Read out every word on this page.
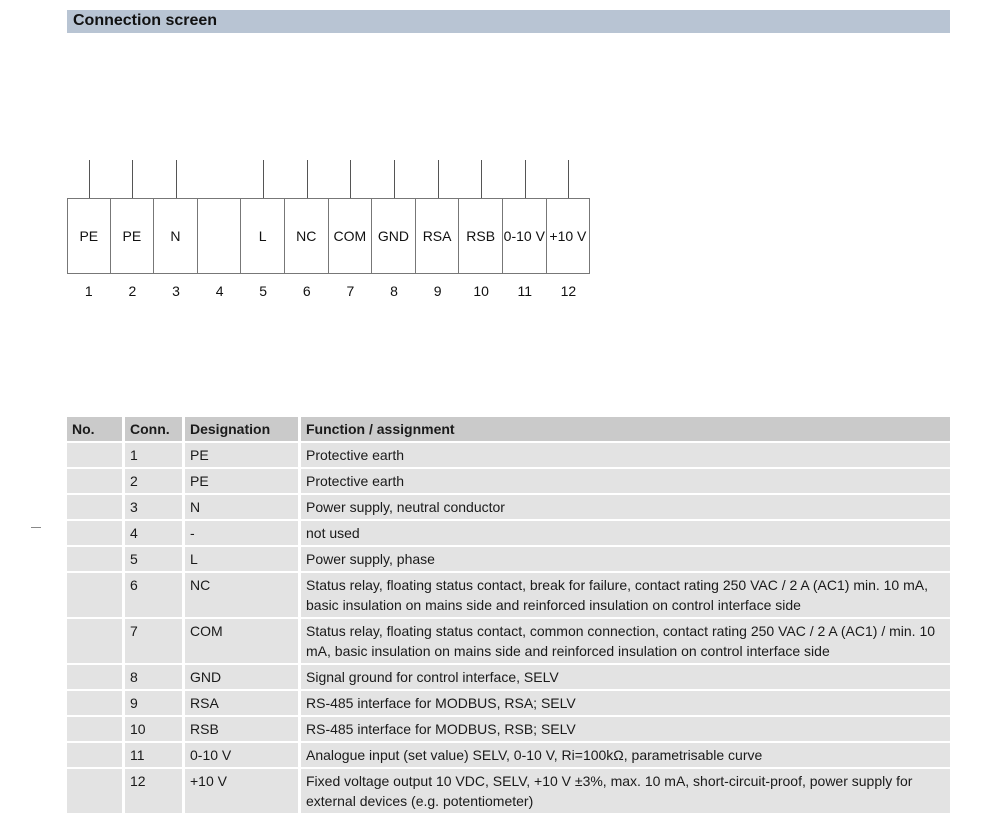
Connection screen
PE
1
PE
2
N
3	4
L
5
NC
6
COM
7
GND
8
RSA
9
RSB
10
0-10 V
11
+10 V
12
No.	Conn.	Designation	Function / assignment
	1	PE	Protective earth
	2	PE	Protective earth
	3	N	Power supply, neutral conductor
	4	-	not used
	5	L	Power supply, phase
	6	NC	Status relay, floating status contact, break for failure, contact rating 250 VAC / 2 A (AC1) min. 10 mA, basic insulation on mains side and reinforced insulation on control interface side
	7	COM	Status relay, floating status contact, common connection, contact rating 250 VAC / 2 A (AC1) / min. 10 mA, basic insulation on mains side and reinforced insulation on control interface side
	8	GND	Signal ground for control interface, SELV
	9	RSA	RS-485 interface for MODBUS, RSA; SELV
	10	RSB	RS-485 interface for MODBUS, RSB; SELV
	11	0-10 V	Analogue input (set value) SELV, 0-10 V, Ri=100kΩ, parametrisable curve
	12	+10 V	Fixed voltage output 10 VDC, SELV, +10 V ±3%, max. 10 mA, short-circuit-proof, power supply for external devices (e.g. potentiometer)
